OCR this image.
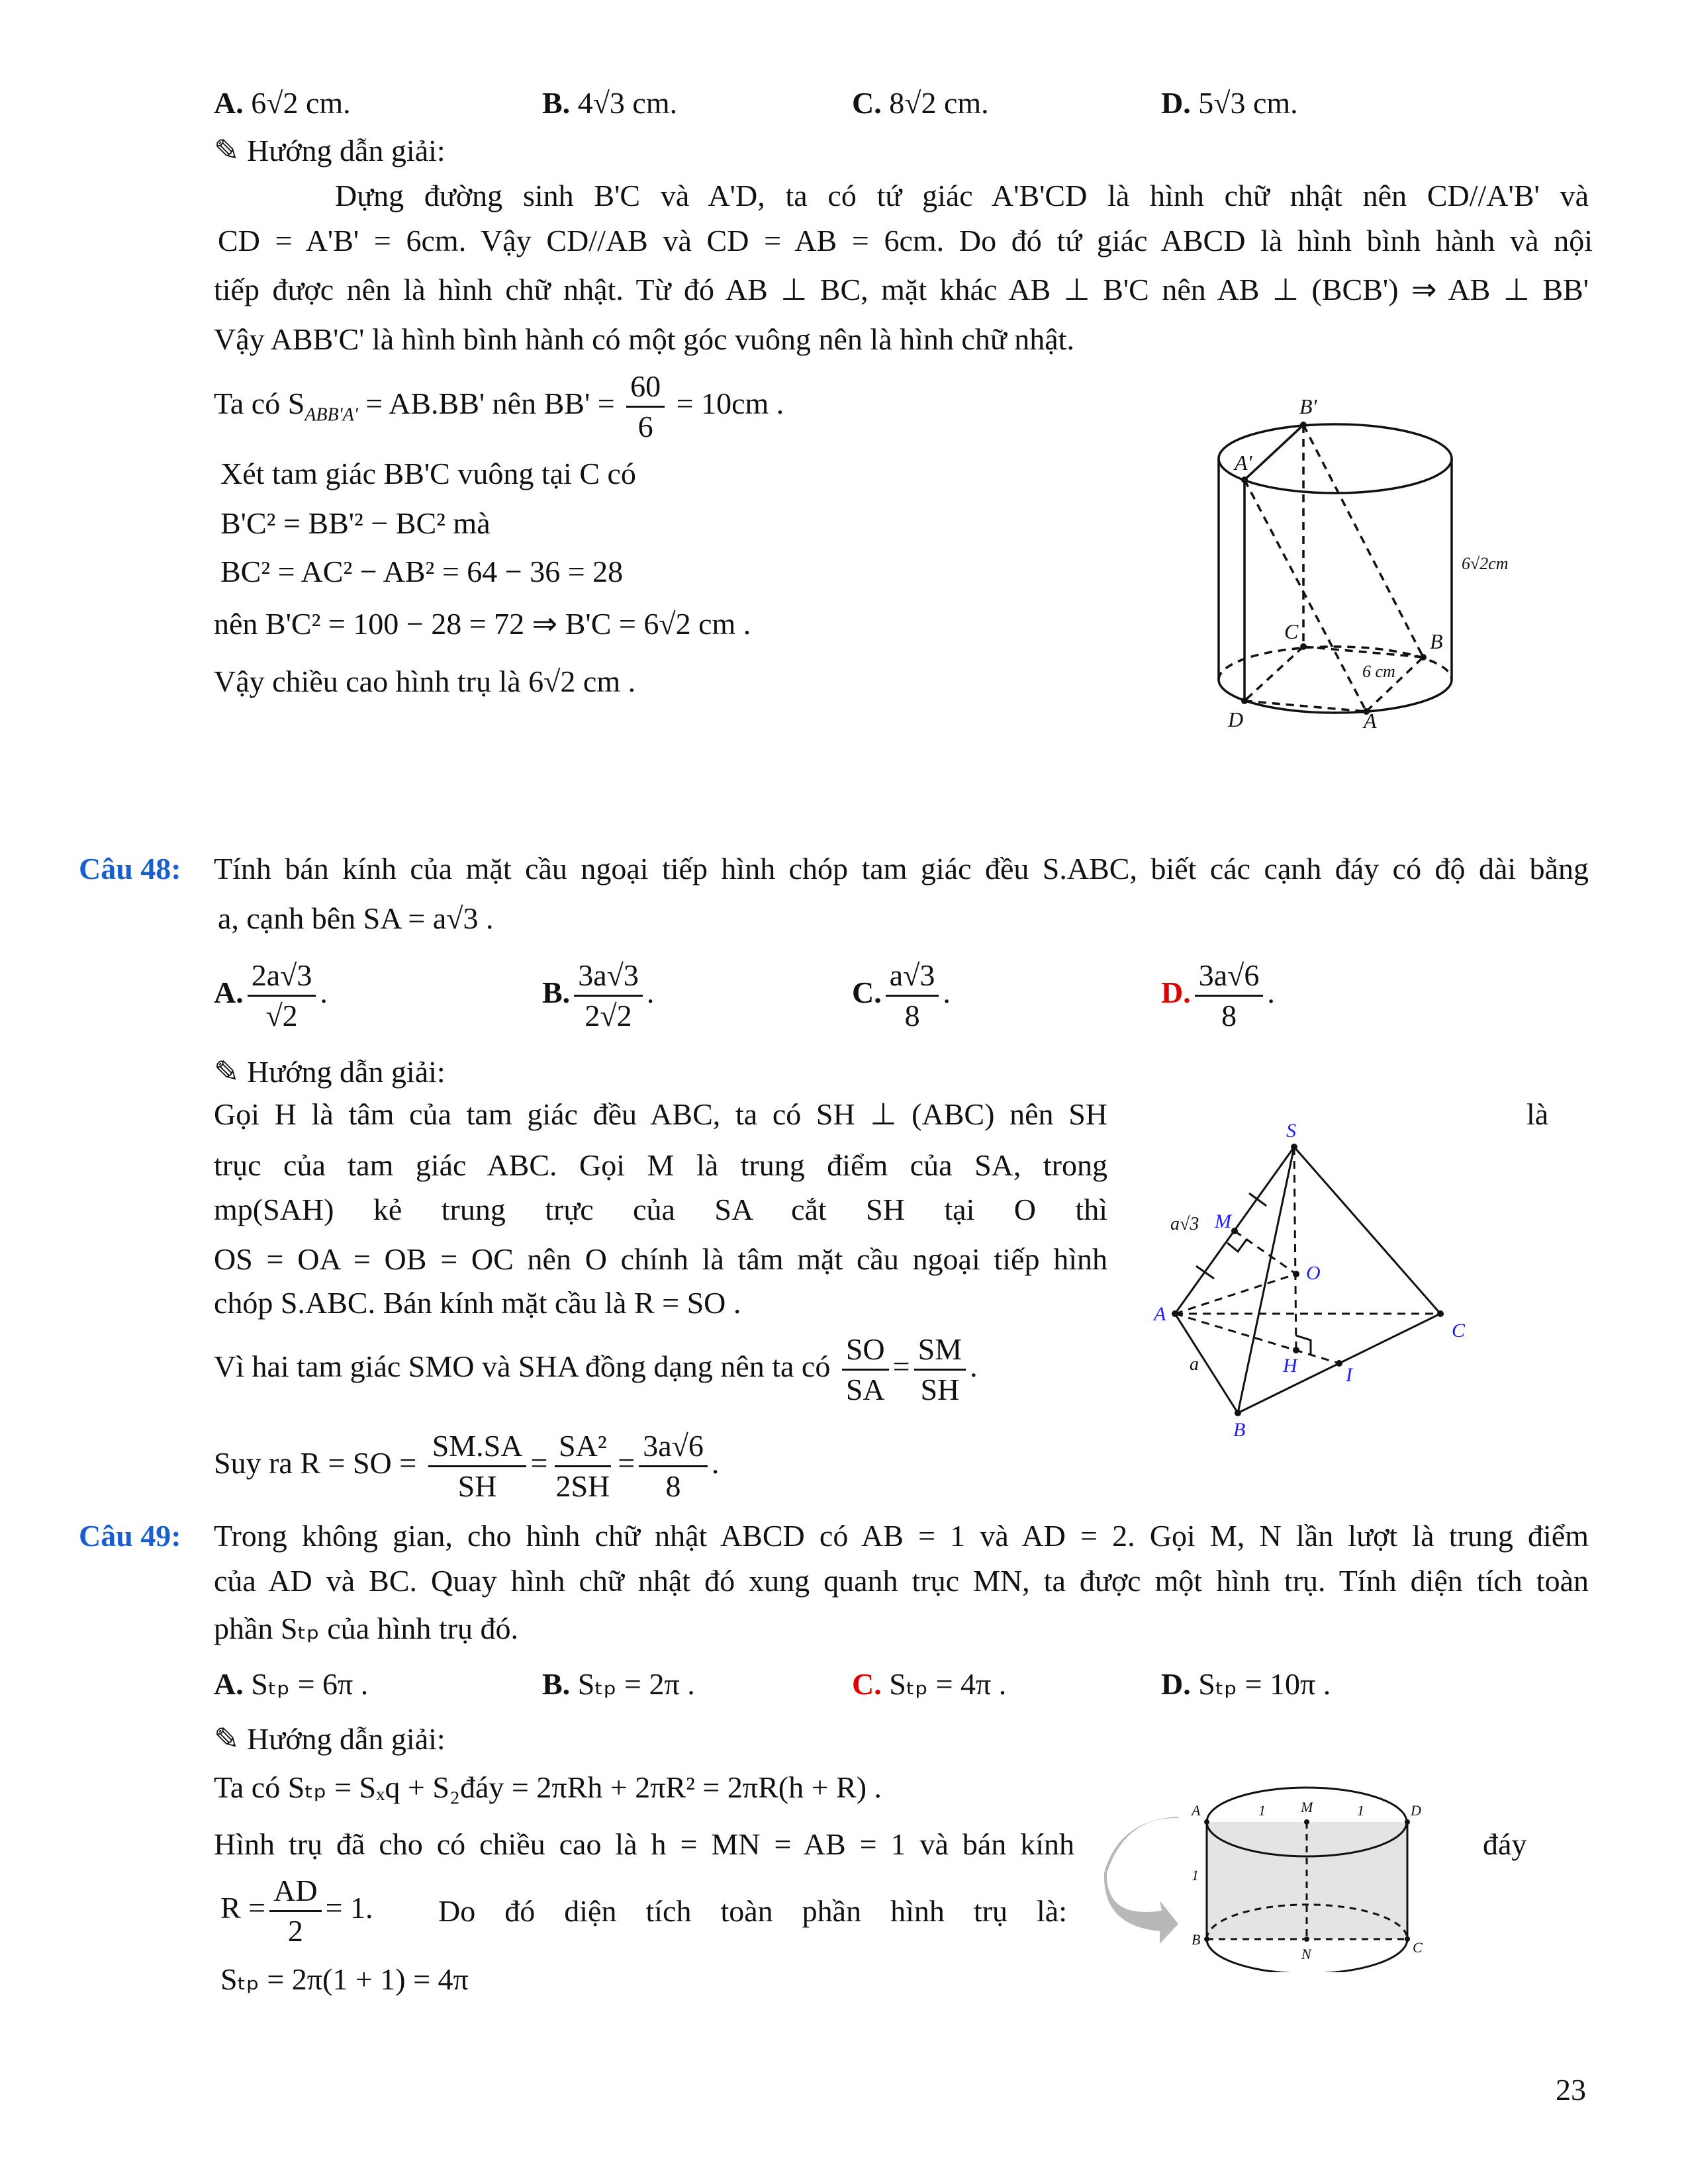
A. 6√2 cm.	B. 4√3 cm.	C. 8√2 cm.	D. 5√3 cm.
✎ Hướng dẫn giải:
Dựng đường sinh B'C và A'D, ta có tứ giác A'B'CD là hình chữ nhật nên CD//A'B' và
CD = A'B' = 6cm. Vậy CD//AB và CD = AB = 6cm. Do đó tứ giác ABCD là hình bình hành và nội
tiếp được nên là hình chữ nhật. Từ đó AB ⊥ BC, mặt khác AB ⊥ B'C nên AB ⊥ (BCB') ⇒ AB ⊥ BB'
Vậy ABB'C' là hình bình hành có một góc vuông nên là hình chữ nhật.
Ta có $S_{ABB'A'} = AB.BB'$ nên $BB' = \frac{60}{6} = 10cm$ .
Xét tam giác BB'C vuông tại C có
B'C² = BB'² − BC² mà
BC² = AC² − AB² = 64 − 36 = 28
nên B'C² = 100 − 28 = 72 ⇒ B'C = 6√2 cm .
Vậy chiều cao hình trụ là 6√2 cm .
B'
A'
C	B
D	A
6√2cm
6 cm
Câu 48: Tính bán kính của mặt cầu ngoại tiếp hình chóp tam giác đều S.ABC, biết các cạnh đáy có độ dài bằng
a, cạnh bên SA = a√3 .
A. $\frac{2a√3}{√2}$ .	B. $\frac{3a√3}{2√2}$ .	C. $\frac{a√3}{8}$ .	D. $\frac{3a√6}{8}$ .
✎ Hướng dẫn giải:
Gọi H là tâm của tam giác đều ABC, ta có SH ⊥ (ABC) nên SH	là
trục của tam giác ABC. Gọi M là trung điểm của SA, trong
mp(SAH) kẻ trung trực của SA cắt SH tại O thì
OS = OA = OB = OC nên O chính là tâm mặt cầu ngoại tiếp hình
chóp S.ABC. Bán kính mặt cầu là R = SO .
Vì hai tam giác SMO và SHA đồng dạng nên ta có $\frac{SO}{SA} = \frac{SM}{SH}$ .
Suy ra R = SO = $\frac{SM.SA}{SH} = \frac{\text{SA²}}{2SH} = \frac{3a√6}{8}$ .
S
M
O
A
C
H I
B
a√3
a
Câu 49: Trong không gian, cho hình chữ nhật ABCD có AB = 1 và AD = 2. Gọi M, N lần lượt là trung điểm
của AD và BC. Quay hình chữ nhật đó xung quanh trục MN, ta được một hình trụ. Tính diện tích toàn
phần Sₜₚ của hình trụ đó.
A. Sₜₚ = 6π .	B. Sₜₚ = 2π .	C. Sₜₚ = 4π .	D. Sₜₚ = 10π .
✎ Hướng dẫn giải:
Ta có Sₜₚ = Sₓq + S₂đáy = 2πRh + 2πR² = 2πR(h + R) .
Hình trụ đã cho có chiều cao là h = MN = AB = 1 và bán kính	đáy
$R = \frac{AD}{2} = 1$. Do đó diện tích toàn phần hình trụ là:
Sₜₚ = 2π(1 + 1) = 4π
A	M	D
B
N	C
1	1
1
23
